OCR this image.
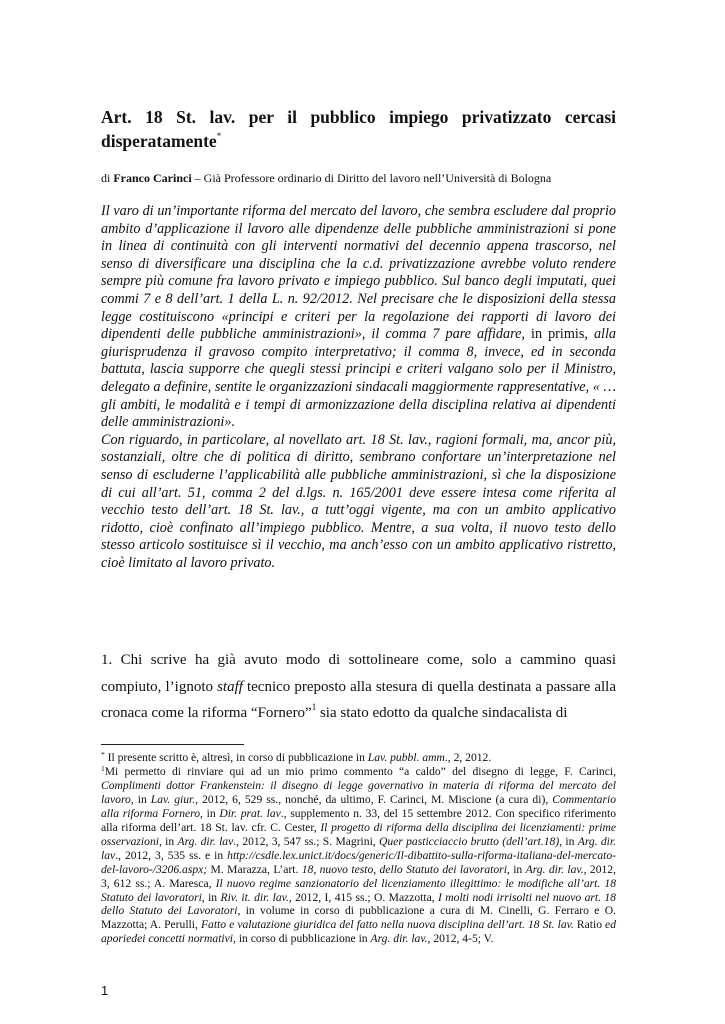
Art. 18 St. lav. per il pubblico impiego privatizzato cercasi disperatamente*

di Franco Carinci – Già Professore ordinario di Diritto del lavoro nell’Università di Bologna

Il varo di un’importante riforma del mercato del lavoro, che sembra escludere dal proprio ambito d’applicazione il lavoro alle dipendenze delle pubbliche amministrazioni si pone in linea di continuità con gli interventi normativi del decennio appena trascorso, nel senso di diversificare una disciplina che la c.d. privatizzazione avrebbe voluto rendere sempre più comune fra lavoro privato e impiego pubblico. Sul banco degli imputati, quei commi 7 e 8 dell’art. 1 della L. n. 92/2012. Nel precisare che le disposizioni della stessa legge costituiscono «principi e criteri per la regolazione dei rapporti di lavoro dei dipendenti delle pubbliche amministrazioni», il comma 7 pare affidare, in primis, alla giurisprudenza il gravoso compito interpretativo; il comma 8, invece, ed in seconda battuta, lascia supporre che quegli stessi principi e criteri valgano solo per il Ministro, delegato a definire, sentite le organizzazioni sindacali maggiormente rappresentative, « … gli ambiti, le modalità e i tempi di armonizzazione della disciplina relativa ai dipendenti delle amministrazioni».

Con riguardo, in particolare, al novellato art. 18 St. lav., ragioni formali, ma, ancor più, sostanziali, oltre che di politica di diritto, sembrano confortare un’interpretazione nel senso di escluderne l’applicabilità alle pubbliche amministrazioni, sì che la disposizione di cui all’art. 51, comma 2 del d.lgs. n. 165/2001 deve essere intesa come riferita al vecchio testo dell’art. 18 St. lav., a tutt’oggi vigente, ma con un ambito applicativo ridotto, cioè confinato all’impiego pubblico. Mentre, a sua volta, il nuovo testo dello stesso articolo sostituisce sì il vecchio, ma anch’esso con un ambito applicativo ristretto, cioè limitato al lavoro privato.

1. Chi scrive ha già avuto modo di sottolineare come, solo a cammino quasi compiuto, l’ignoto staff tecnico preposto alla stesura di quella destinata a passare alla cronaca come la riforma “Fornero”$^1$ sia stato edotto da qualche sindacalista di

* Il presente scritto è, altresì, in corso di pubblicazione in Lav. pubbl. amm., 2, 2012.

$^1$Mi permetto di rinviare qui ad un mio primo commento “a caldo” del disegno di legge, F. Carinci, Complimenti dottor Frankenstein: il disegno di legge governativo in materia di riforma del mercato del lavoro, in Lav. giur., 2012, 6, 529 ss., nonché, da ultimo, F. Carinci, M. Miscione (a cura di), Commentario alla riforma Fornero, in Dir. prat. lav., supplemento n. 33, del 15 settembre 2012. Con specifico riferimento alla riforma dell’art. 18 St. lav. cfr. C. Cester, Il progetto di riforma della disciplina dei licenziamenti: prime osservazioni, in Arg. dir. lav., 2012, 3, 547 ss.; S. Magrini, Quer pasticciaccio brutto (dell’art.18), in Arg. dir. lav., 2012, 3, 535 ss. e in http://csdle.lex.unict.it/docs/generic/Il-dibattito-sulla-riforma-italiana-del-mercato-del-lavoro-/3206.aspx; M. Marazza, L’art. 18, nuovo testo, dello Statuto dei lavoratori, in Arg. dir. lav., 2012, 3, 612 ss.; A. Maresca, Il nuovo regime sanzionatorio del licenziamento illegittimo: le modifiche all’art. 18 Statuto dei lavoratori, in Riv. it. dir. lav., 2012, I, 415 ss.; O. Mazzotta, I molti nodi irrisolti nel nuovo art. 18 dello Statuto dei Lavoratori, in volume in corso di pubblicazione a cura di M. Cinelli, G. Ferraro e O. Mazzotta; A. Perulli, Fatto e valutazione giuridica del fatto nella nuova disciplina dell’art. 18 St. lav. Ratio ed aporiedei concetti normativi, in corso di pubblicazione in Arg. dir. lav., 2012, 4-5; V.

1
